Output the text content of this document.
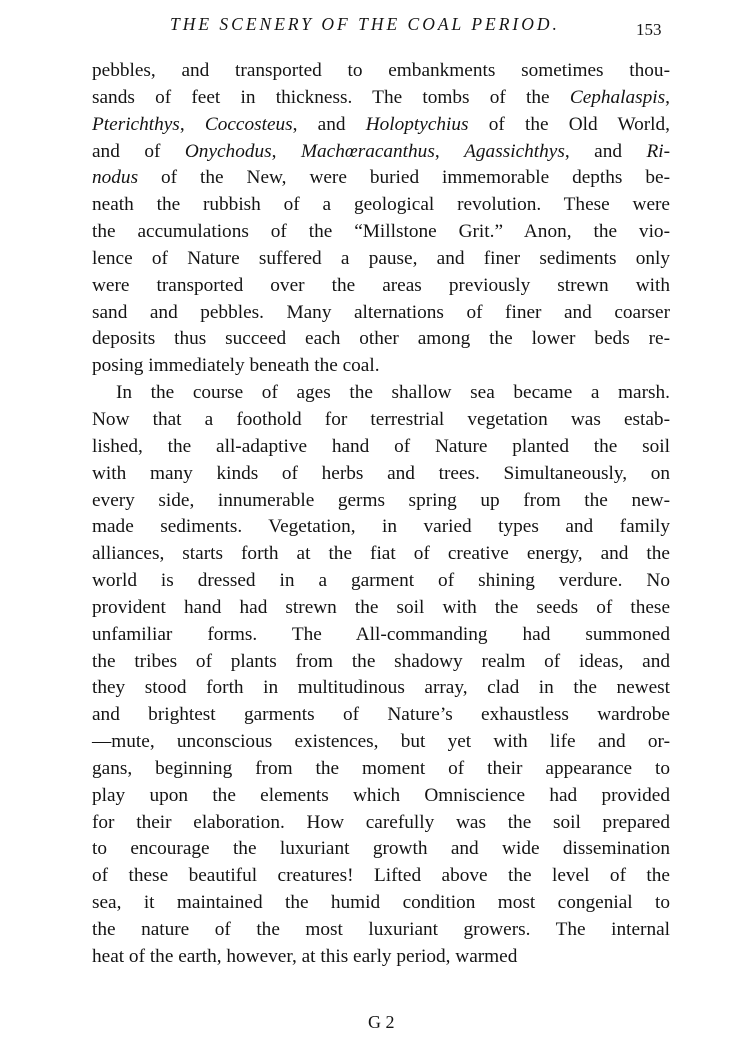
THE SCENERY OF THE COAL PERIOD.	153
pebbles, and transported to embankments sometimes thou-
sands of feet in thickness. The tombs of the Cephalaspis,
Pterichthys, Coccosteus, and Holoptychius of the Old World,
and of Onychodus, Machœracanthus, Agassichthys, and Ri-
nodus of the New, were buried immemorable depths be-
neath the rubbish of a geological revolution. These were
the accumulations of the “Millstone Grit.” Anon, the vio-
lence of Nature suffered a pause, and finer sediments only
were transported over the areas previously strewn with
sand and pebbles. Many alternations of finer and coarser
deposits thus succeed each other among the lower beds re-
posing immediately beneath the coal.
In the course of ages the shallow sea became a marsh.
Now that a foothold for terrestrial vegetation was estab-
lished, the all-adaptive hand of Nature planted the soil
with many kinds of herbs and trees. Simultaneously, on
every side, innumerable germs spring up from the new-
made sediments. Vegetation, in varied types and family
alliances, starts forth at the fiat of creative energy, and the
world is dressed in a garment of shining verdure. No
provident hand had strewn the soil with the seeds of these
unfamiliar forms. The All-commanding had summoned
the tribes of plants from the shadowy realm of ideas, and
they stood forth in multitudinous array, clad in the newest
and brightest garments of Nature’s exhaustless wardrobe
—mute, unconscious existences, but yet with life and or-
gans, beginning from the moment of their appearance to
play upon the elements which Omniscience had provided
for their elaboration. How carefully was the soil prepared
to encourage the luxuriant growth and wide dissemination
of these beautiful creatures! Lifted above the level of the
sea, it maintained the humid condition most congenial to
the nature of the most luxuriant growers. The internal
heat of the earth, however, at this early period, warmed
G 2
